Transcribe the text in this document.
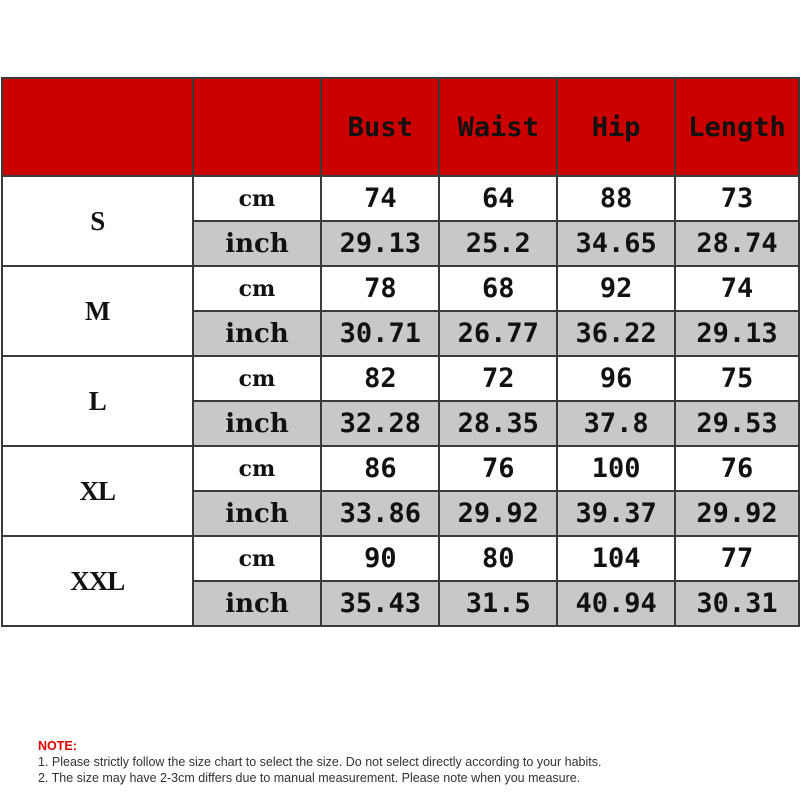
		Bust	Waist	Hip	Length
S	cm	74	64	88	73
	inch	29.13	25.2	34.65	28.74
M	cm	78	68	92	74
	inch	30.71	26.77	36.22	29.13
L	cm	82	72	96	75
	inch	32.28	28.35	37.8	29.53
XL	cm	86	76	100	76
	inch	33.86	29.92	39.37	29.92
XXL	cm	90	80	104	77
	inch	35.43	31.5	40.94	30.31
NOTE:
1. Please strictly follow the size chart to select the size. Do not select directly according to your habits.
2. The size may have 2-3cm differs due to manual measurement. Please note when you measure.
